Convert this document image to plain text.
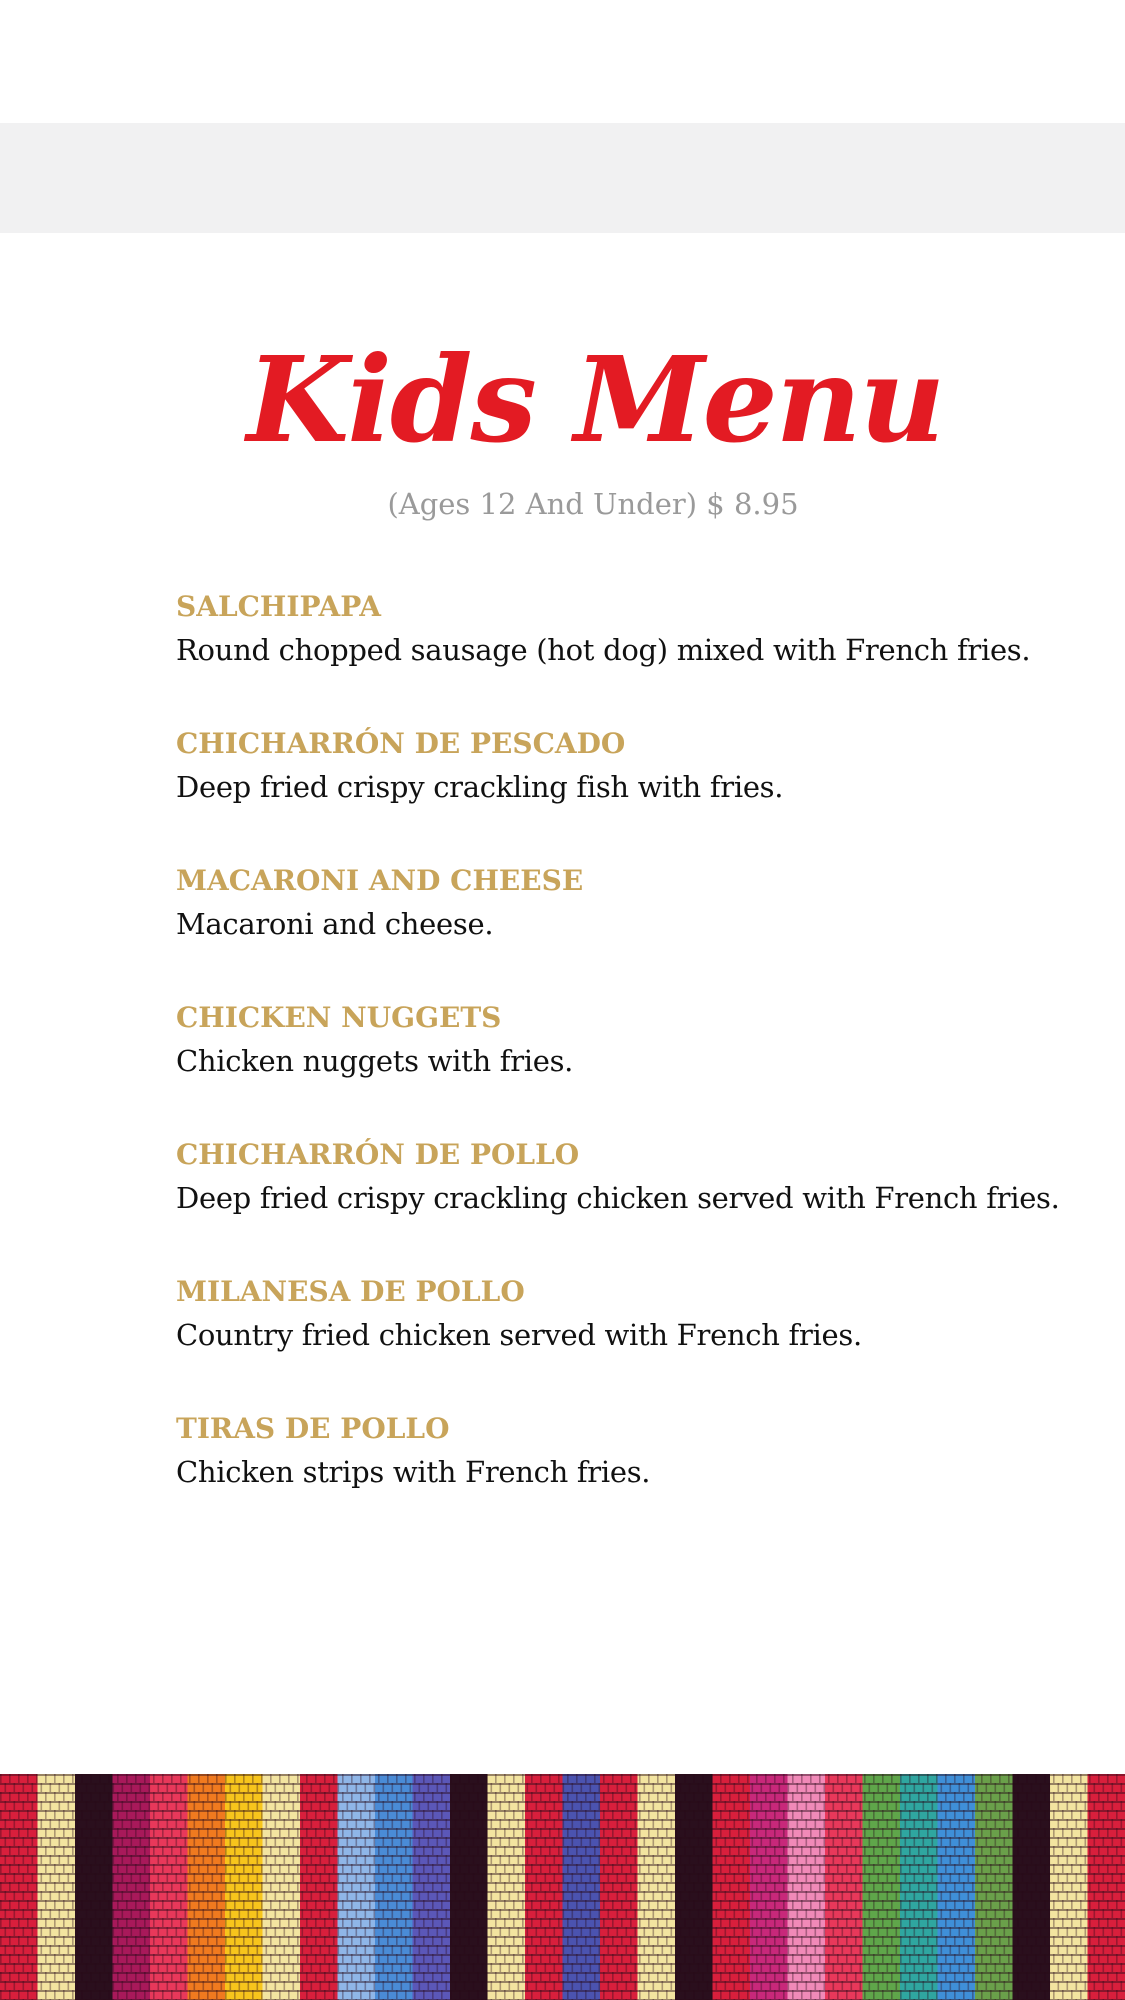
Kids Menu
(Ages 12 And Under) $ 8.95

SALCHIPAPA

Round chopped sausage (hot dog) mixed with French fries.

CHICHARRÓN DE PESCADO

Deep fried crispy crackling fish with fries.

MACARONI AND CHEESE

Macaroni and cheese.

CHICKEN NUGGETS

Chicken nuggets with fries.

CHICHARRÓN DE POLLO

Deep fried crispy crackling chicken served with French fries.

MILANESA DE POLLO

Country fried chicken served with French fries.

TIRAS DE POLLO

Chicken strips with French fries.
